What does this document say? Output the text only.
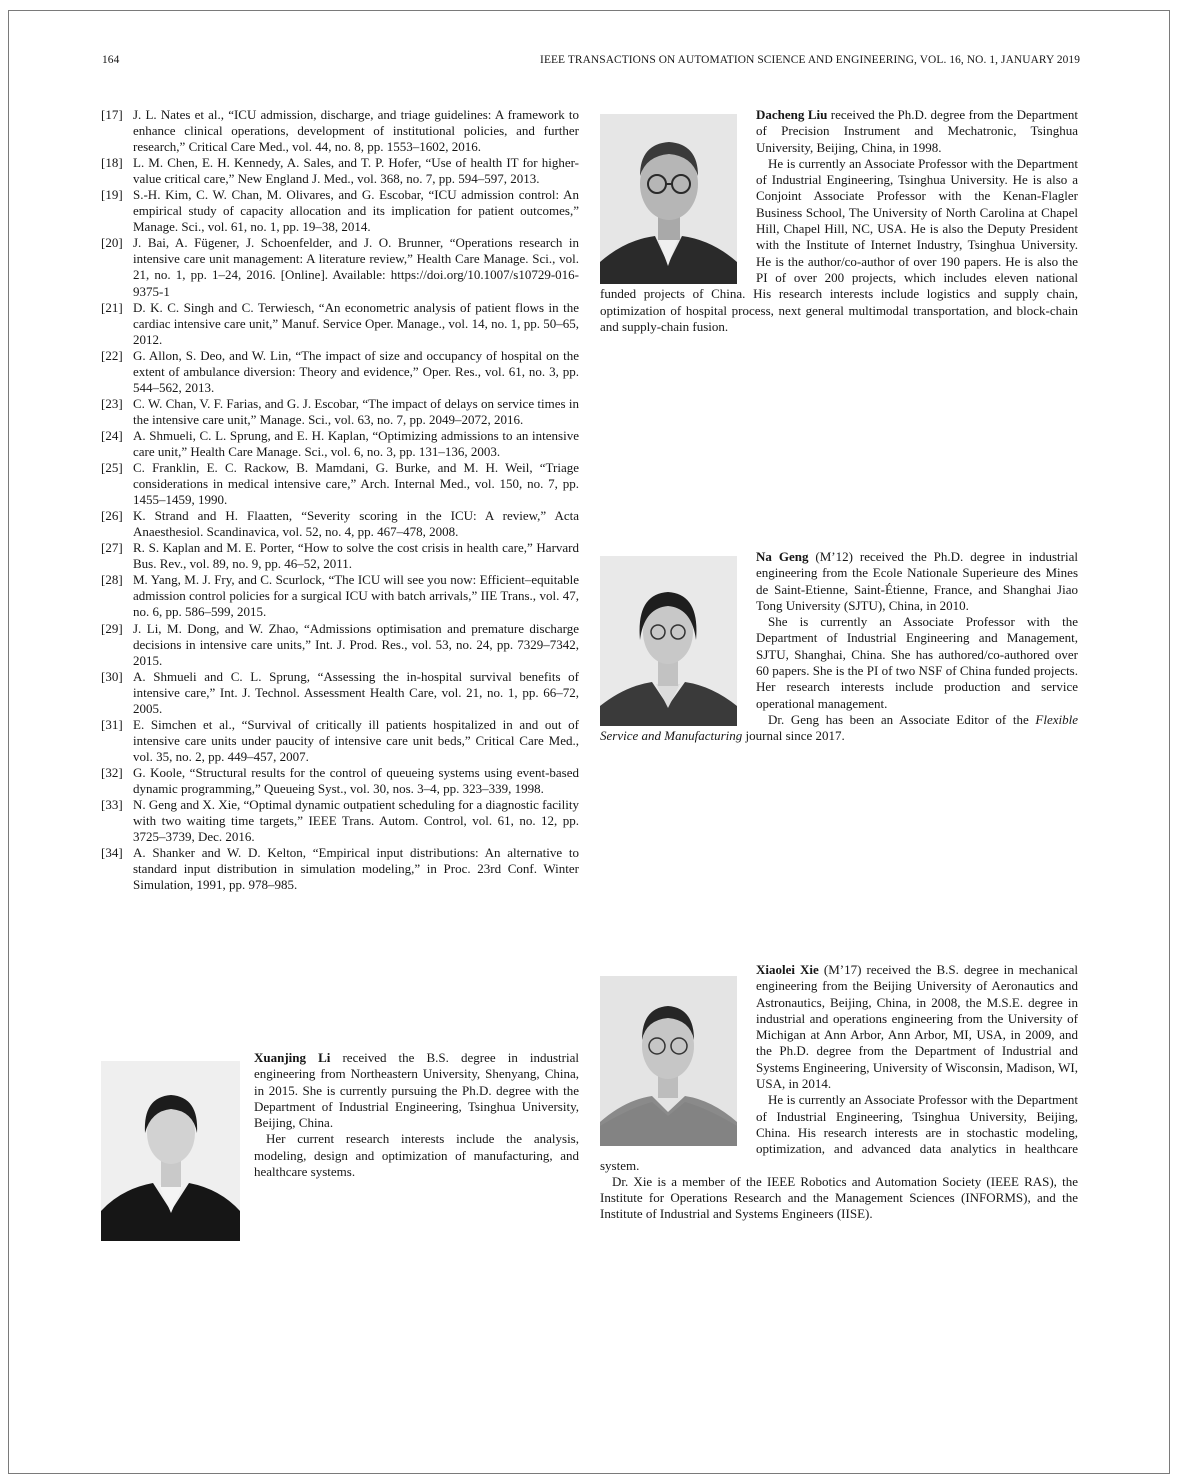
164	IEEE TRANSACTIONS ON AUTOMATION SCIENCE AND ENGINEERING, VOL. 16, NO. 1, JANUARY 2019
[17] J. L. Nates et al., “ICU admission, discharge, and triage guidelines: A framework to enhance clinical operations, development of institutional policies, and further research,” Critical Care Med., vol. 44, no. 8, pp. 1553–1602, 2016.
[18] L. M. Chen, E. H. Kennedy, A. Sales, and T. P. Hofer, “Use of health IT for higher-value critical care,” New England J. Med., vol. 368, no. 7, pp. 594–597, 2013.
[19] S.-H. Kim, C. W. Chan, M. Olivares, and G. Escobar, “ICU admission control: An empirical study of capacity allocation and its implication for patient outcomes,” Manage. Sci., vol. 61, no. 1, pp. 19–38, 2014.
[20] J. Bai, A. Fügener, J. Schoenfelder, and J. O. Brunner, “Operations research in intensive care unit management: A literature review,” Health Care Manage. Sci., vol. 21, no. 1, pp. 1–24, 2016. [Online]. Available: https://doi.org/10.1007/s10729-016-9375-1
[21] D. K. C. Singh and C. Terwiesch, “An econometric analysis of patient flows in the cardiac intensive care unit,” Manuf. Service Oper. Manage., vol. 14, no. 1, pp. 50–65, 2012.
[22] G. Allon, S. Deo, and W. Lin, “The impact of size and occupancy of hospital on the extent of ambulance diversion: Theory and evidence,” Oper. Res., vol. 61, no. 3, pp. 544–562, 2013.
[23] C. W. Chan, V. F. Farias, and G. J. Escobar, “The impact of delays on service times in the intensive care unit,” Manage. Sci., vol. 63, no. 7, pp. 2049–2072, 2016.
[24] A. Shmueli, C. L. Sprung, and E. H. Kaplan, “Optimizing admissions to an intensive care unit,” Health Care Manage. Sci., vol. 6, no. 3, pp. 131–136, 2003.
[25] C. Franklin, E. C. Rackow, B. Mamdani, G. Burke, and M. H. Weil, “Triage considerations in medical intensive care,” Arch. Internal Med., vol. 150, no. 7, pp. 1455–1459, 1990.
[26] K. Strand and H. Flaatten, “Severity scoring in the ICU: A review,” Acta Anaesthesiol. Scandinavica, vol. 52, no. 4, pp. 467–478, 2008.
[27] R. S. Kaplan and M. E. Porter, “How to solve the cost crisis in health care,” Harvard Bus. Rev., vol. 89, no. 9, pp. 46–52, 2011.
[28] M. Yang, M. J. Fry, and C. Scurlock, “The ICU will see you now: Efficient–equitable admission control policies for a surgical ICU with batch arrivals,” IIE Trans., vol. 47, no. 6, pp. 586–599, 2015.
[29] J. Li, M. Dong, and W. Zhao, “Admissions optimisation and premature discharge decisions in intensive care units,” Int. J. Prod. Res., vol. 53, no. 24, pp. 7329–7342, 2015.
[30] A. Shmueli and C. L. Sprung, “Assessing the in-hospital survival benefits of intensive care,” Int. J. Technol. Assessment Health Care, vol. 21, no. 1, pp. 66–72, 2005.
[31] E. Simchen et al., “Survival of critically ill patients hospitalized in and out of intensive care units under paucity of intensive care unit beds,” Critical Care Med., vol. 35, no. 2, pp. 449–457, 2007.
[32] G. Koole, “Structural results for the control of queueing systems using event-based dynamic programming,” Queueing Syst., vol. 30, nos. 3–4, pp. 323–339, 1998.
[33] N. Geng and X. Xie, “Optimal dynamic outpatient scheduling for a diagnostic facility with two waiting time targets,” IEEE Trans. Autom. Control, vol. 61, no. 12, pp. 3725–3739, Dec. 2016.
[34] A. Shanker and W. D. Kelton, “Empirical input distributions: An alternative to standard input distribution in simulation modeling,” in Proc. 23rd Conf. Winter Simulation, 1991, pp. 978–985.

Xuanjing Li received the B.S. degree in industrial engineering from Northeastern University, Shenyang, China, in 2015. She is currently pursuing the Ph.D. degree with the Department of Industrial Engineering, Tsinghua University, Beijing, China.

Her current research interests include the analysis, modeling, design and optimization of manufacturing, and healthcare systems.

Dacheng Liu received the Ph.D. degree from the Department of Precision Instrument and Mechatronic, Tsinghua University, Beijing, China, in 1998.

He is currently an Associate Professor with the Department of Industrial Engineering, Tsinghua University. He is also a Conjoint Associate Professor with the Kenan-Flagler Business School, The University of North Carolina at Chapel Hill, Chapel Hill, NC, USA. He is also the Deputy President with the Institute of Internet Industry, Tsinghua University. He is the author/co-author of over 190 papers. He is also the PI of over 200 projects, which includes eleven national funded projects of China. His research interests include logistics and supply chain, optimization of hospital process, next general multimodal transportation, and block-chain and supply-chain fusion.

Na Geng (M’12) received the Ph.D. degree in industrial engineering from the Ecole Nationale Superieure des Mines de Saint-Etienne, Saint-Étienne, France, and Shanghai Jiao Tong University (SJTU), China, in 2010.

She is currently an Associate Professor with the Department of Industrial Engineering and Management, SJTU, Shanghai, China. She has authored/co-authored over 60 papers. She is the PI of two NSF of China funded projects. Her research interests include production and service operational management.

Dr. Geng has been an Associate Editor of the Flexible Service and Manufacturing journal since 2017.

Xiaolei Xie (M’17) received the B.S. degree in mechanical engineering from the Beijing University of Aeronautics and Astronautics, Beijing, China, in 2008, the M.S.E. degree in industrial and operations engineering from the University of Michigan at Ann Arbor, Ann Arbor, MI, USA, in 2009, and the Ph.D. degree from the Department of Industrial and Systems Engineering, University of Wisconsin, Madison, WI, USA, in 2014.

He is currently an Associate Professor with the Department of Industrial Engineering, Tsinghua University, Beijing, China. His research interests are in stochastic modeling, optimization, and advanced data analytics in healthcare system.

Dr. Xie is a member of the IEEE Robotics and Automation Society (IEEE RAS), the Institute for Operations Research and the Management Sciences (INFORMS), and the Institute of Industrial and Systems Engineers (IISE).
